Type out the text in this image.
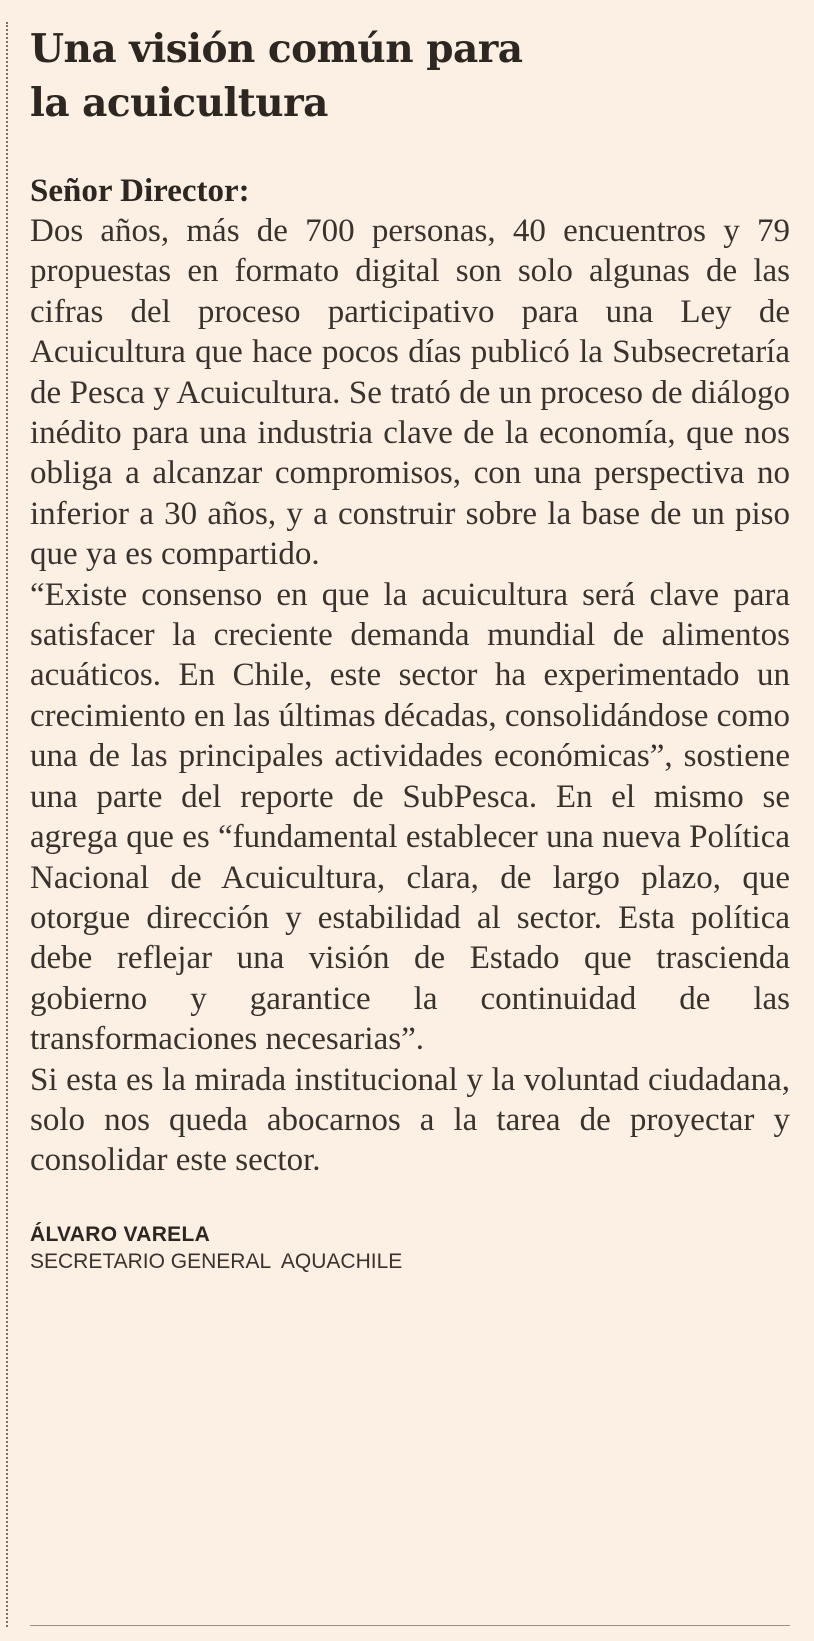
Una visión común para
la acuicultura
Señor Director:

Dos años, más de 700 personas, 40 encuentros y 79 propuestas en formato digital son solo algunas de las cifras del proceso participativo para una Ley de Acuicultura que hace pocos días publicó la Subsecretaría de Pesca y Acuicultura. Se trató de un proceso de diálogo inédito para una industria clave de la economía, que nos obliga a alcanzar compromisos, con una perspectiva no inferior a 30 años, y a construir sobre la base de un piso que ya es compartido.

“Existe consenso en que la acuicultura será clave para satisfacer la creciente demanda mundial de alimentos acuáticos. En Chile, este sector ha experimentado un crecimiento en las últimas décadas, consolidándose como una de las principales actividades económicas”, sostiene una parte del reporte de SubPesca. En el mismo se agrega que es “fundamental establecer una nueva Política Nacional de Acuicultura, clara, de largo plazo, que otorgue dirección y estabilidad al sector. Esta política debe reflejar una visión de Estado que trascienda gobierno y garantice la continuidad de las transformaciones necesarias”.

Si esta es la mirada institucional y la voluntad ciudadana, solo nos queda abocarnos a la tarea de proyectar y consolidar este sector.

ÁLVARO VARELA
SECRETARIO GENERAL  AQUACHILE
